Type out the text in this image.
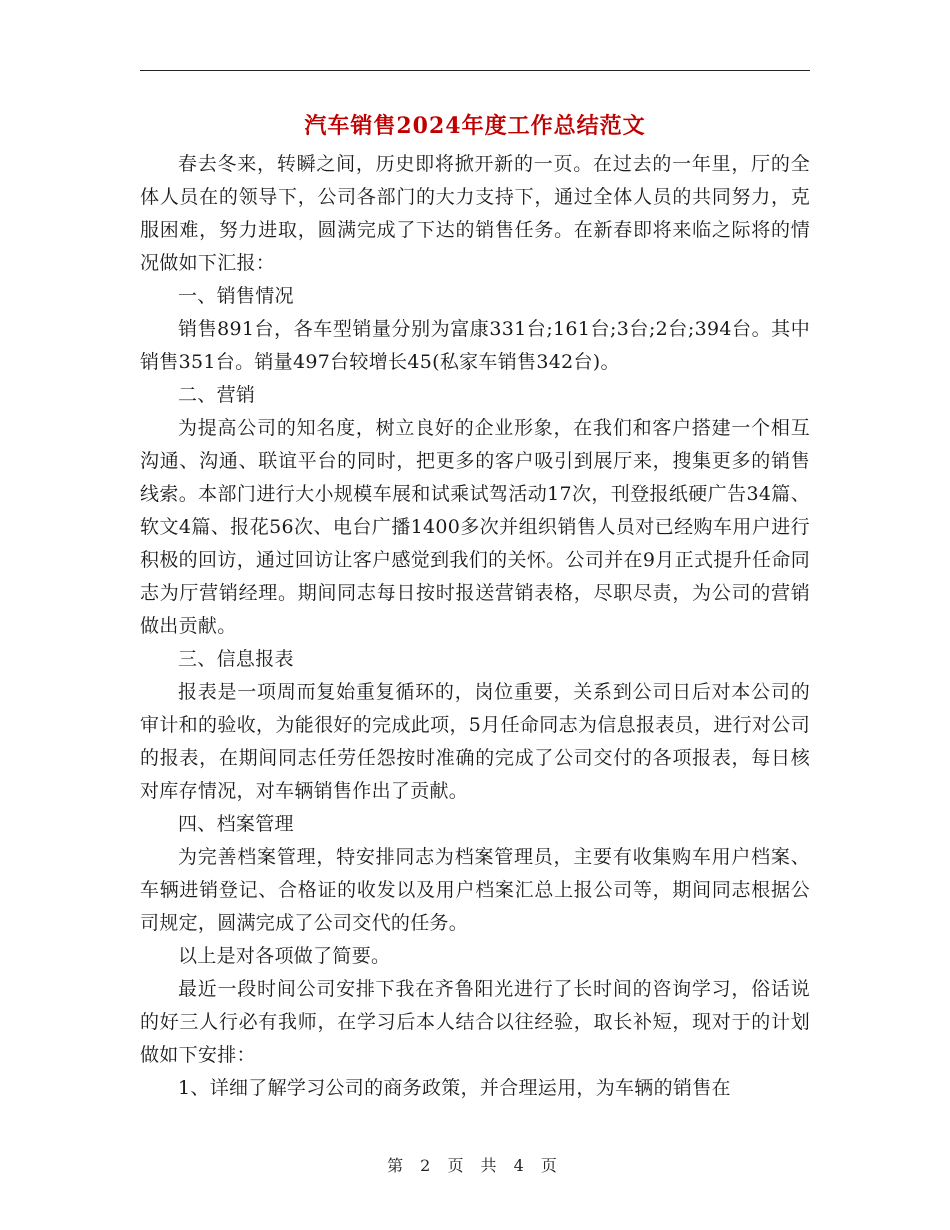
汽车销售2024年度工作总结范文

春去冬来，转瞬之间，历史即将掀开新的一页。在过去的一年里，厅的全体人员在的领导下，公司各部门的大力支持下，通过全体人员的共同努力，克服困难，努力进取，圆满完成了下达的销售任务。在新春即将来临之际将的情况做如下汇报：

一、销售情况

销售891台，各车型销量分别为富康331台;161台;3台;2台;394台。其中销售351台。销量497台较增长45(私家车销售342台)。

二、营销

为提高公司的知名度，树立良好的企业形象，在我们和客户搭建一个相互沟通、沟通、联谊平台的同时，把更多的客户吸引到展厅来，搜集更多的销售线索。本部门进行大小规模车展和试乘试驾活动17次，刊登报纸硬广告34篇、软文4篇、报花56次、电台广播1400多次并组织销售人员对已经购车用户进行积极的回访，通过回访让客户感觉到我们的关怀。公司并在9月正式提升任命同志为厅营销经理。期间同志每日按时报送营销表格，尽职尽责，为公司的营销做出贡献。

三、信息报表

报表是一项周而复始重复循环的，岗位重要，关系到公司日后对本公司的审计和的验收，为能很好的完成此项，5月任命同志为信息报表员，进行对公司的报表，在期间同志任劳任怨按时准确的完成了公司交付的各项报表，每日核对库存情况，对车辆销售作出了贡献。

四、档案管理

为完善档案管理，特安排同志为档案管理员，主要有收集购车用户档案、车辆进销登记、合格证的收发以及用户档案汇总上报公司等，期间同志根据公司规定，圆满完成了公司交代的任务。

以上是对各项做了简要。

最近一段时间公司安排下我在齐鲁阳光进行了长时间的咨询学习，俗话说的好三人行必有我师，在学习后本人结合以往经验，取长补短，现对于的计划做如下安排：

1、详细了解学习公司的商务政策，并合理运用，为车辆的销售在

第 2 页 共 4 页
